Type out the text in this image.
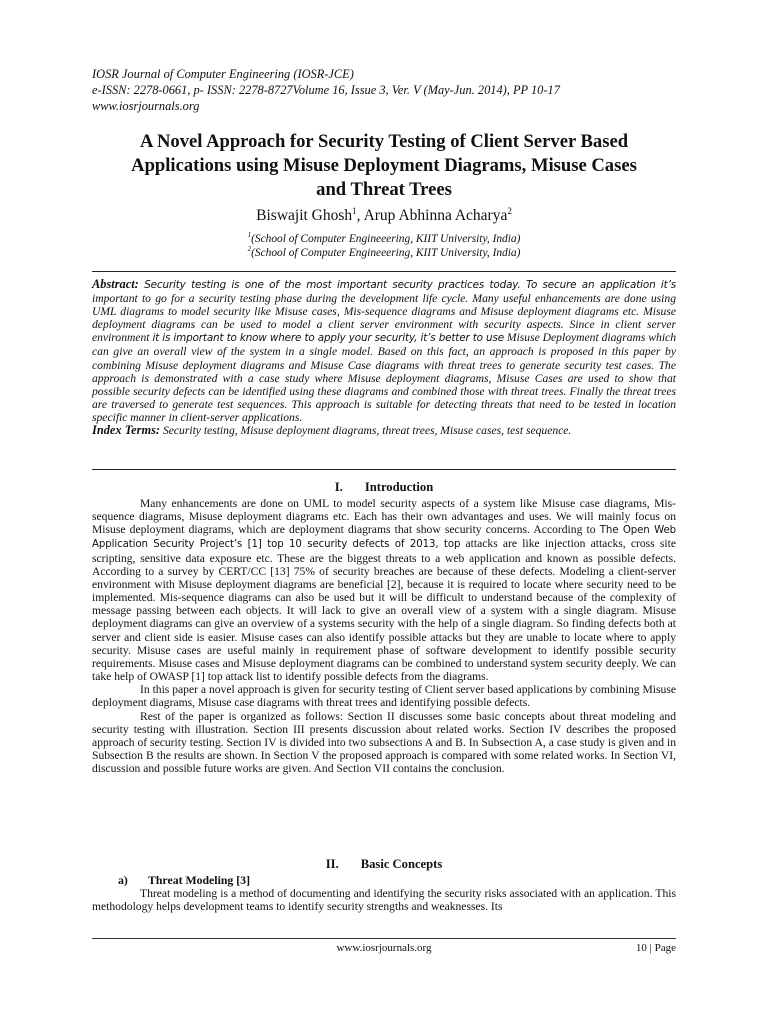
IOSR Journal of Computer Engineering (IOSR-JCE)
e-ISSN: 2278-0661, p- ISSN: 2278-8727Volume 16, Issue 3, Ver. V (May-Jun. 2014), PP 10-17
www.iosrjournals.org
A Novel Approach for Security Testing of Client Server Based
Applications using Misuse Deployment Diagrams, Misuse Cases
and Threat Trees
Biswajit Ghosh$^1$, Arup Abhinna Acharya$^2$
$^1$(School of Computer Engineeering, KIIT University, India)
$^2$(School of Computer Engineeering, KIIT University, India)
Abstract: Security testing is one of the most important security practices today. To secure an application it’s important to go for a security testing phase during the development life cycle. Many useful enhancements are done using UML diagrams to model security like Misuse cases, Mis-sequence diagrams and Misuse deployment diagrams etc. Misuse deployment diagrams can be used to model a client server environment with security aspects. Since in client server environment it is important to know where to apply your security, it’s better to use Misuse Deployment diagrams which can give an overall view of the system in a single model. Based on this fact, an approach is proposed in this paper by combining Misuse deployment diagrams and Misuse Case diagrams with threat trees to generate security test cases. The approach is demonstrated with a case study where Misuse deployment diagrams, Misuse Cases are used to show that possible security defects can be identified using these diagrams and combined those with threat trees. Finally the threat trees are traversed to generate test sequences. This approach is suitable for detecting threats that need to be tested in location specific manner in client-server applications.
Index Terms: Security testing, Misuse deployment diagrams, threat trees, Misuse cases, test sequence.
I. Introduction

Many enhancements are done on UML to model security aspects of a system like Misuse case diagrams, Mis-sequence diagrams, Misuse deployment diagrams etc. Each has their own advantages and uses. We will mainly focus on Misuse deployment diagrams, which are deployment diagrams that show security concerns. According to The Open Web Application Security Project’s [1] top 10 security defects of 2013, top attacks are like injection attacks, cross site scripting, sensitive data exposure etc. These are the biggest threats to a web application and known as possible defects. According to a survey by CERT/CC [13] 75% of security breaches are because of these defects. Modeling a client-server environment with Misuse deployment diagrams are beneficial [2], because it is required to locate where security need to be implemented. Mis-sequence diagrams can also be used but it will be difficult to understand because of the complexity of message passing between each objects. It will lack to give an overall view of a system with a single diagram. Misuse deployment diagrams can give an overview of a systems security with the help of a single diagram. So finding defects both at server and client side is easier. Misuse cases can also identify possible attacks but they are unable to locate where to apply security. Misuse cases are useful mainly in requirement phase of software development to identify possible security requirements. Misuse cases and Misuse deployment diagrams can be combined to understand system security deeply. We can take help of OWASP [1] top attack list to identify possible defects from the diagrams.

In this paper a novel approach is given for security testing of Client server based applications by combining Misuse deployment diagrams, Misuse case diagrams with threat trees and identifying possible defects.

Rest of the paper is organized as follows: Section II discusses some basic concepts about threat modeling and security testing with illustration. Section III presents discussion about related works. Section IV describes the proposed approach of security testing. Section IV is divided into two subsections A and B. In Subsection A, a case study is given and in Subsection B the results are shown. In Section V the proposed approach is compared with some related works. In Section VI, discussion and possible future works are given. And Section VII contains the conclusion.

II. Basic Concepts
a) Threat Modeling [3]

Threat modeling is a method of documenting and identifying the security risks associated with an application. This methodology helps development teams to identify security strengths and weaknesses. Its

www.iosrjournals.org	10 | Page
